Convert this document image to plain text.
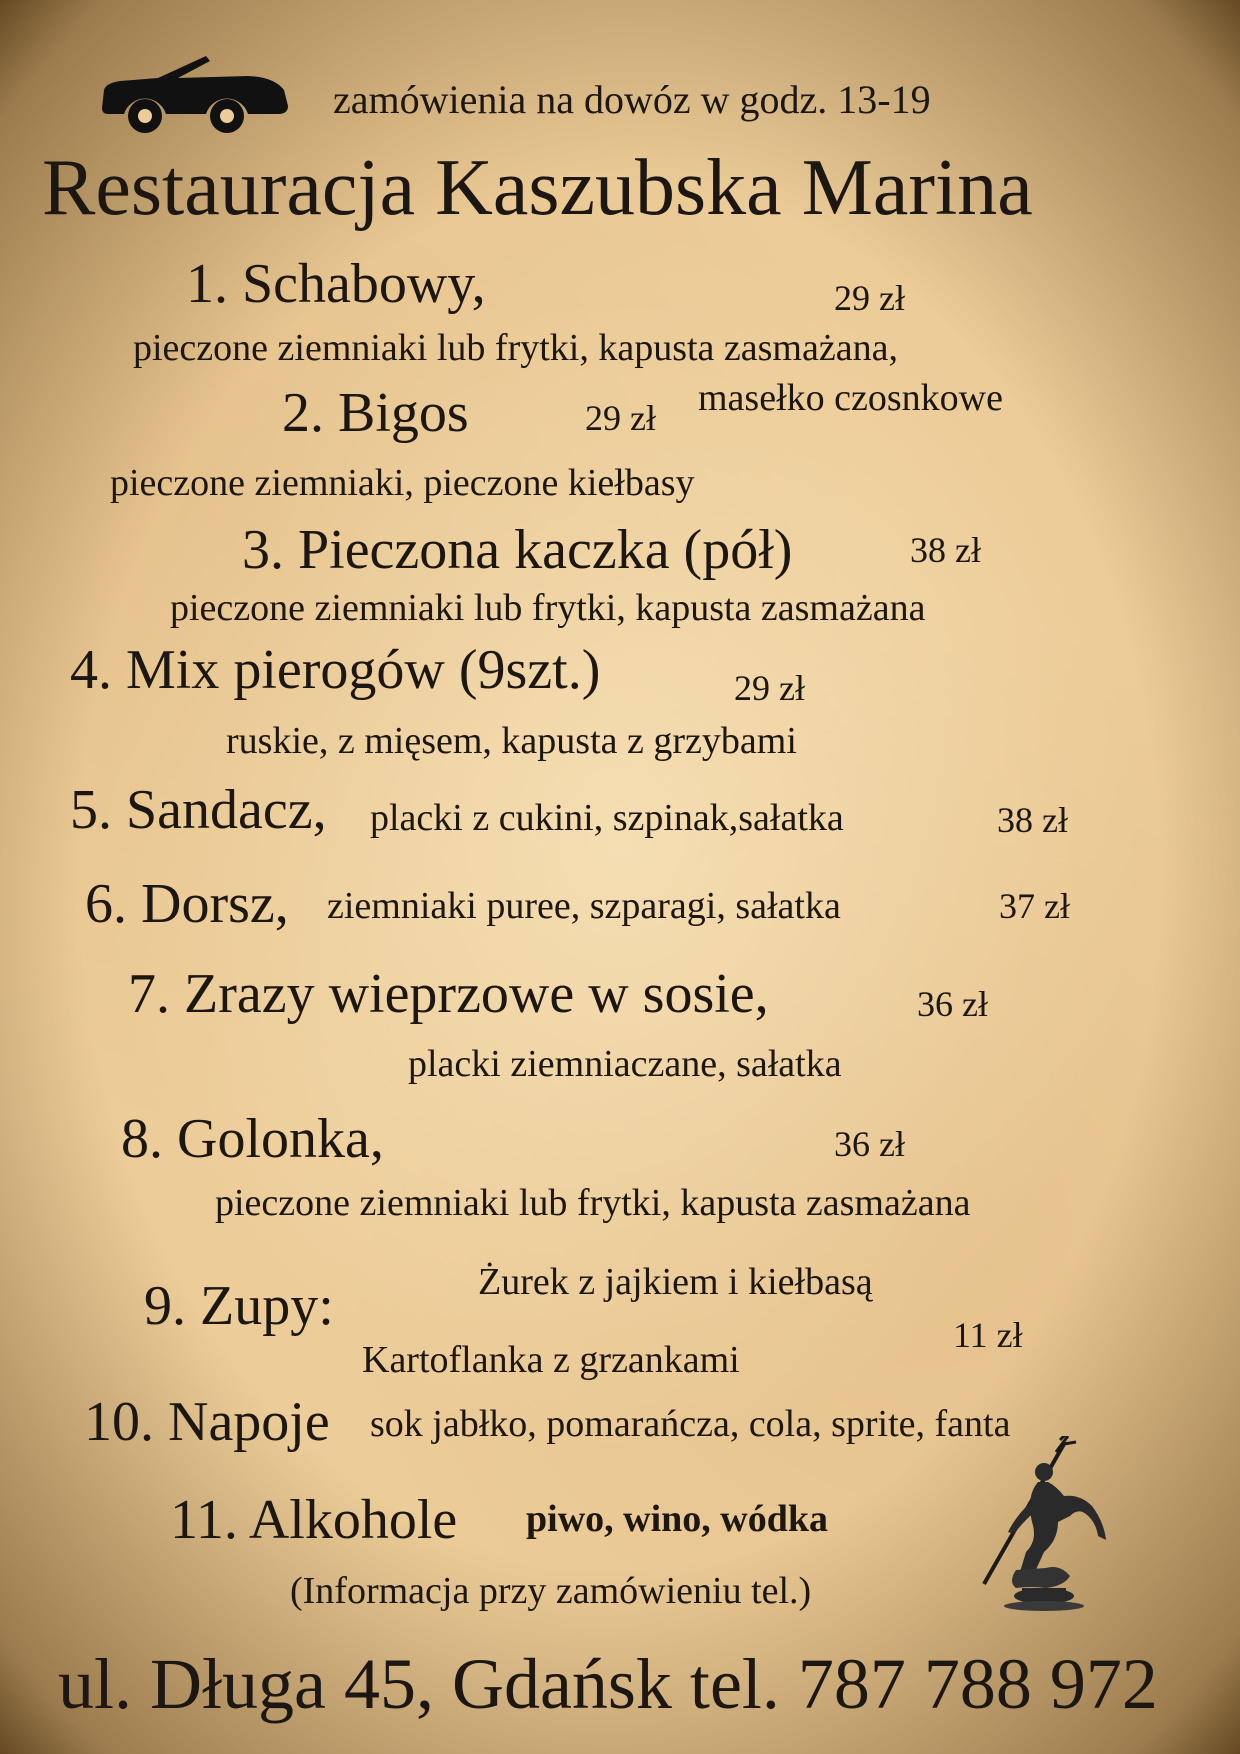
zamówienia na dowóz w godz. 13-19

Restauracja Kaszubska Marina

1. Schabowy,	29 zł

pieczone ziemniaki lub frytki, kapusta zasmażana,

masełko czosnkowe

2. Bigos	29 zł

pieczone ziemniaki, pieczone kiełbasy

3. Pieczona kaczka (pół)	38 zł

pieczone ziemniaki lub frytki, kapusta zasmażana

4. Mix pierogów (9szt.)	29 zł

ruskie, z mięsem, kapusta z grzybami

5. Sandacz, placki z cukini, szpinak,sałatka	38 zł

6. Dorsz, ziemniaki puree, szparagi, sałatka	37 zł

7. Zrazy wieprzowe w sosie,	36 zł

placki ziemniaczane, sałatka

8. Golonka,	36 zł

pieczone ziemniaki lub frytki, kapusta zasmażana

9. Zupy:	Żurek z jajkiem i kiełbasą

11 zł

Kartoflanka z grzankami

10. Napoje sok jabłko, pomarańcza, cola, sprite, fanta

11. Alkohole piwo, wino, wódka

(Informacja przy zamówieniu tel.)

ul. Długa 45, Gdańsk tel. 787 788 972
